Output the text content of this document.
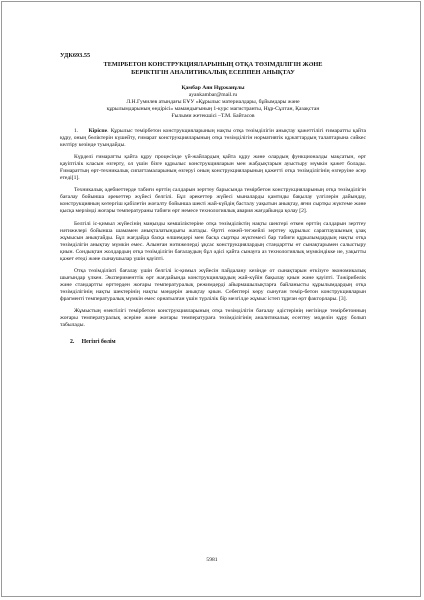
УДК693.55

ТЕМІРБЕТОН КОНСТРУКЦИЯЛАРЫНЫҢ ОТҚА ТӨЗІМДІЛІГІН ЖӘНЕ
БЕРІКТІГІН АНАЛИТИКАЛЫҚ ЕСЕППЕН АНЫҚТАУ
Қамбар Аян Нұржанұлы
ayankambar@mail.ru
Л.Н.Гумилев атындағы ЕҰУ «Құрылыс материалдары, бұйымдары және
құрылымдарының өндірісі» мамандығының 1-курс магистранты, Нұр-Сұлтан, Қазақстан
Ғылыми жетекшісі –Т.М. Байтасов

1. Кіріспе. Құрылыс темірбетон конструкцияларының нақты отқа төзімділігін анықтау қажеттілігі ғимаратты қайта құру, оның бөліктерін күшейту, ғимарат конструкцияларының отқа төзімділігін нормативтік құжаттардың талаптарына сәйкес келтіру кезінде туындайды.

Күрделі ғимаратты қайта құру процесінде үй-жайлардың қайта құру және олардың функционалды мақсатын, өрт қауіптілік класын өзгерту, ол үшін бізге құрылыс конструкцияларын мен жабдықтарын ауыстыру мүмкін қажет болады. Ғимараттың өрт-техникалық сипаттамаларының өзгеруі оның конструкцияларының қажетті отқа төзімділігінің өзгеруіне әсер етеді[1].

Техникалық әдебиеттерде табиғи өрттің салдарын зерттеу барысында темірбетон конструкцияларының отқа төзімділігін бағалау бойынша әрекеттер жүйесі белгілі. Бұл әрекеттер жүйесі мыналарды қамтиды бақылау үлгілерін дайындау, конструкцияның көтергіш қабілетін жоғалту бойынша шекті жай-күйдің басталу уақытын анықтау, яғни сыртқы жүктеме және қысқа мерзімді жоғары температураны табиғи өрт немесе технологиялық авария жағдайында қолау [2].

Белгілі іс-қимыл жүйесінің маңызды кемшіліктеріне отқа төзімділіктің нақты шектері өткен өрттің салдарын зерттеу нәтижелері бойынша шамамен анықталатындығы жатады. Өртті өзжей-тегжейлі зерттеу құрылыс сараптаушының ұзақ жұмысын анықтайды. Бұл жағдайда басқа өлшемдері мен басқа сыртқы жүктемесі бар табиғи құрылымдардың нақты отқа төзімділігін анықтау мүмкін емес. Алынған нәтижелерді ұқсас конструкциялардың стандартты өт сынақтарымен салыстыру қиын. Сондықтан жолдардың отқа төзімділігін бағалаудың бұл әдісі қайта сынауға аз технологиялық мүмкіндікке ие, уақытты қажет етеді және сынаушылар үшін қауіпті.

Отқа төзімділікті бағалау үшін белгілі іс-қимыл жүйесін пайдалану кезінде от сынақтарын өткізуге экономикалық шығындар үлкен. Эксперименттік өрт жағдайында конструкциялардың жай-күйін бақылау қиын және қауіпті. Тәжірибелік және стандартты өрттерден жоғары температуралық режимдерді айырмашылықтарға байланысты құрылымдардың отқа төзімділігінің нақты шектерінің нақты мәндерін анықтау қиын. Себептері көру сынуған темір-бетон конструкцияларын фрагменті температуралық мүмкін емес орнатылған үшін түрлілік бір мезгілде жұмыс істеп тұрған өрт факторлары. [3].

Жұмыстың өзектілігі темірбетон конструкцияларының отқа төзімділігін бағалау әдістерінің негізінде темірбетонның жоғары температуралық әсеріне және жоғары температураға төзімділігінің аналитикалық есептеу моделін құру болып табылады.

2. Негізгі бөлім
5981
